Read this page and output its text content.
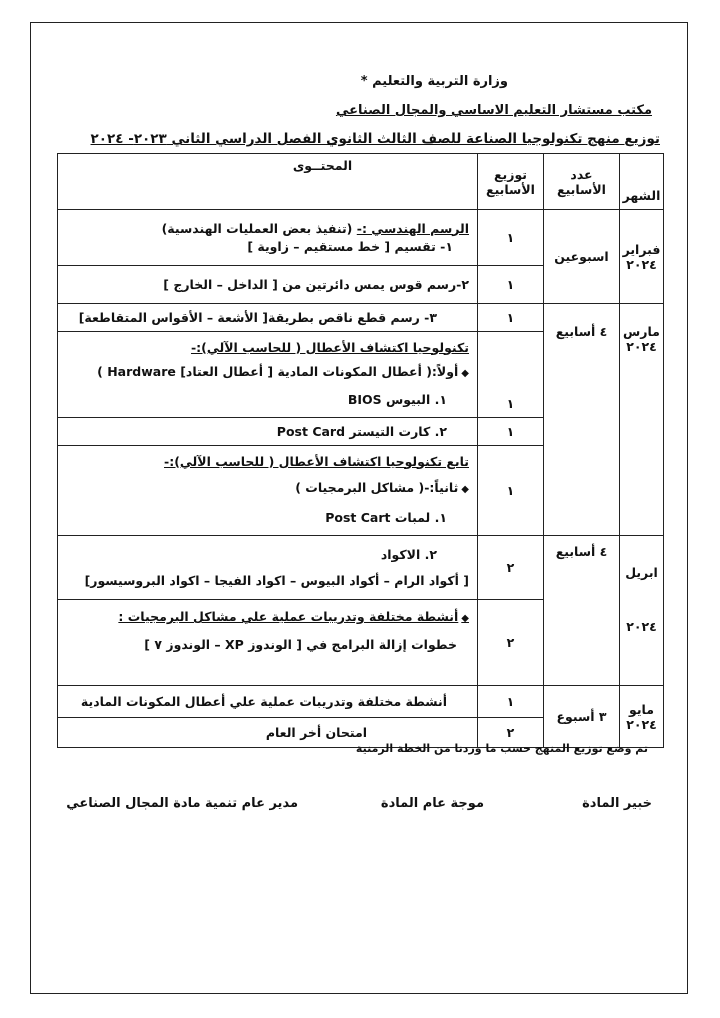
وزارة التربية والتعليم *
مكتب مستشار التعليم الاساسي والمجال الصناعي
توزيع منهج تكنولوجيا الصناعة للصف الثالث الثانوي الفصل الدراسي الثاني ٢٠٢٣- ٢٠٢٤
الشهر	عدد الأسابيع	توزيع الأسابيع	المحتــوى
فبراير ٢٠٢٤	اسبوعين	١	الرسم الهندسي :- (تنفيذ بعض العمليات الهندسية)
١- تقسيم [ خط مستقيم – زاوية ]

		١	٢-رسم قوس يمس دائرتين من [ الداخل – الخارج ]

مارس ٢٠٢٤	٤ أسابيع	١	٣- رسم قطع ناقص بطريقة[ الأشعة – الأقواس المتقاطعة]

		١	تكنولوجيا اكتشاف الأعطال ( للحاسب الآلي):-
◆أولاً:( أعطال المكونات المادية [ أعطال العتاد] Hardware )
١. البيوس BIOS

		١	٢. كارت التيستر Post Card

		١	تابع تكنولوجيا اكتشاف الأعطال ( للحاسب الآلي):-
◆ثانياً:-( مشاكل البرمجيات )
١. لمبات Post Cart

ابريل ٢٠٢٤	٤ أسابيع	٢	٢. الاكواد
[ أكواد الرام – أكواد البيوس – اكواد الفيجا – اكواد البروسيسور]

		٢	◆أنشطة مختلفة وتدريبات عملية علي مشاكل البرمجيات :
خطوات إزالة البرامج في [ الوندوز XP – الوندوز ٧ ]

مايو ٢٠٢٤	٣ أسبوع	١	أنشطة مختلفة وتدريبات عملية علي أعطال المكونات المادية

		٢	امتحان أخر العام
تم وضع توزيع المنهج حسب ما وردنا من الخطة الزمنية
خبير المادة
موجة عام المادة
مدير عام تنمية مادة المجال الصناعي
